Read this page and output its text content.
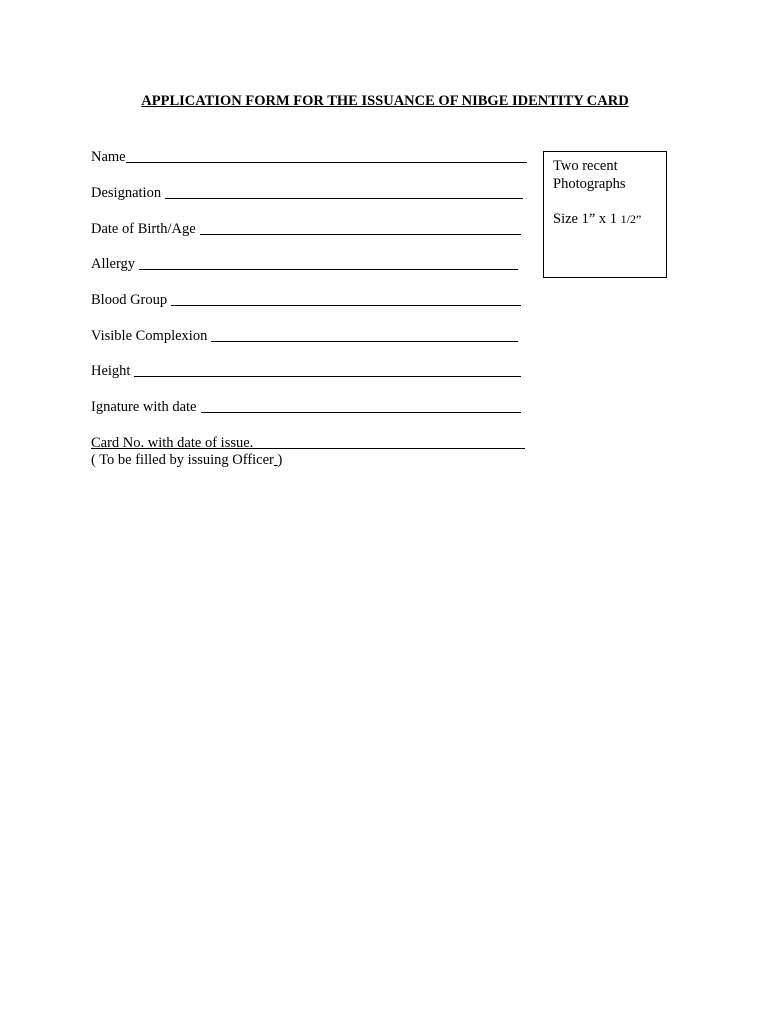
APPLICATION FORM FOR THE ISSUANCE OF NIBGE IDENTITY CARD
Name
Designation
Date of Birth/Age
Allergy
Blood Group
Visible Complexion
Height
Ignature with date
Card No. with date of issue.
( To be filled by issuing Officer )
Two recent
Photographs
Size 1” x 1 1/2”
